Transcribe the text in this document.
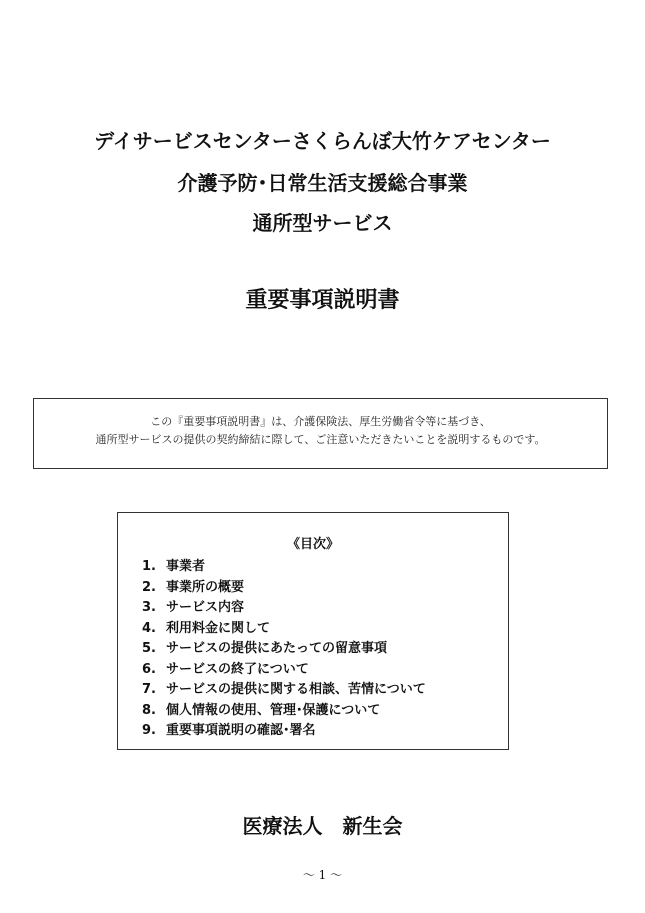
デイサービスセンターさくらんぼ大竹ケアセンター
介護予防･日常生活支援総合事業
通所型サービス
重要事項説明書
この『重要事項説明書』は、介護保険法、厚生労働省令等に基づき、
通所型サービスの提供の契約締結に際して、ご注意いただきたいことを説明するものです。
《目次》
1. 事業者
2. 事業所の概要
3. サービス内容
4. 利用料金に関して
5. サービスの提供にあたっての留意事項
6. サービスの終了について
7. サービスの提供に関する相談、苦情について
8. 個人情報の使用、管理･保護について
9. 重要事項説明の確認･署名
医療法人　新生会
～ 1 ～
